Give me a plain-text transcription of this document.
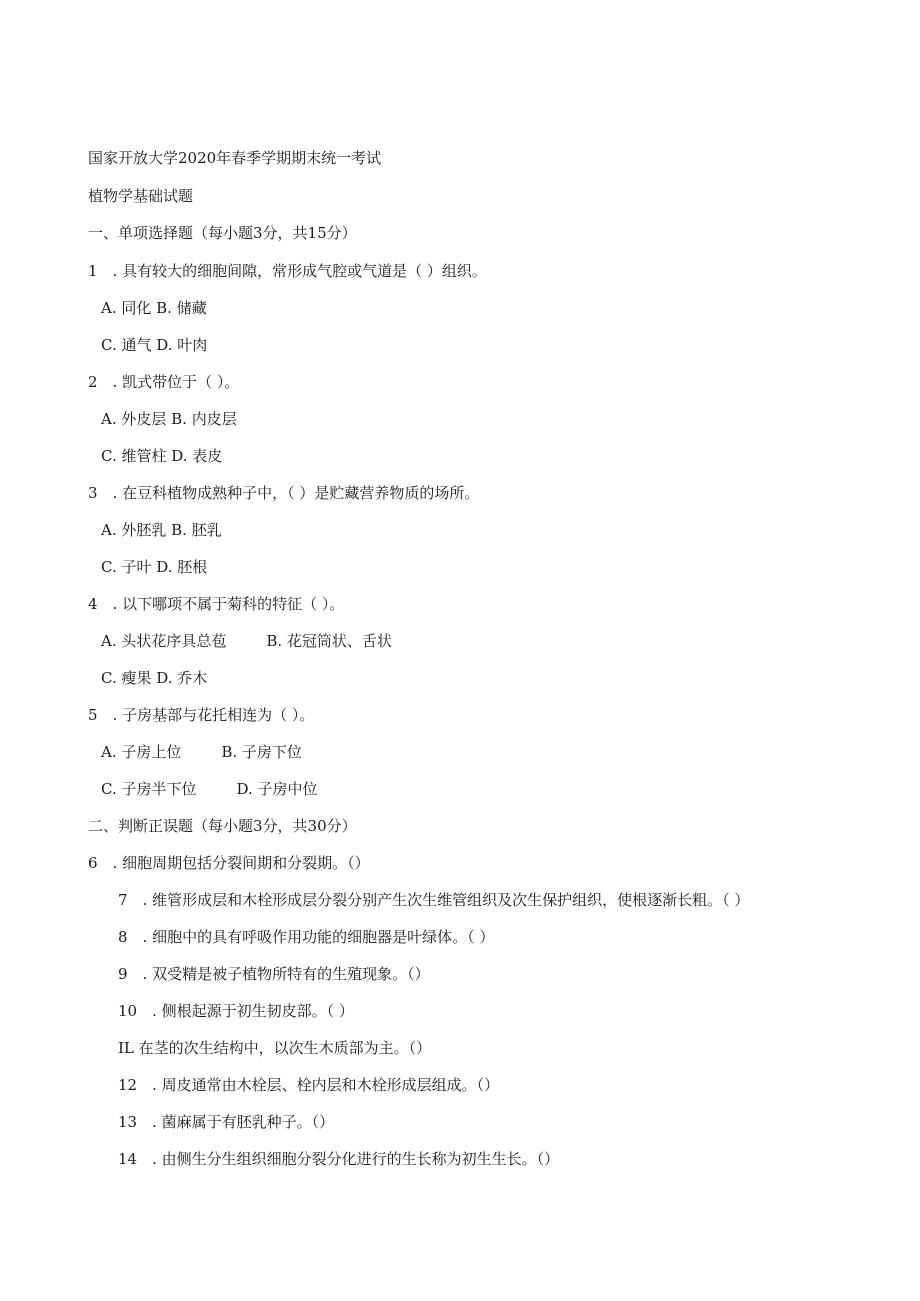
国家开放大学2020年春季学期期末统一考试
植物学基础试题
一、单项选择题（每小题3分，共15分）
1　. 具有较大的细胞间隙，常形成气腔或气道是（ ）组织。
A. 同化 B. 储藏
C. 通气 D. 叶肉
2　. 凯式带位于（ ）。
A. 外皮层 B. 内皮层
C. 维管柱 D. 表皮
3　. 在豆科植物成熟种子中，（ ）是贮藏营养物质的场所。
A. 外胚乳 B. 胚乳
C. 子叶 D. 胚根
4　. 以下哪项不属于菊科的特征（ ）。
A. 头状花序具总苞	B. 花冠筒状、舌状
C. 瘦果 D. 乔木
5　. 子房基部与花托相连为（ ）。
A. 子房上位	B. 子房下位
C. 子房半下位	D. 子房中位
二、判断正误题（每小题3分，共30分）
6　. 细胞周期包括分裂间期和分裂期。（）
7　. 维管形成层和木栓形成层分裂分别产生次生维管组织及次生保护组织，使根逐渐长粗。（ ）
8　. 细胞中的具有呼吸作用功能的细胞器是叶绿体。（ ）
9　. 双受精是被子植物所特有的生殖现象。（）
10　. 侧根起源于初生韧皮部。（ ）
IL 在茎的次生结构中，以次生木质部为主。（）
12　. 周皮通常由木栓层、栓内层和木栓形成层组成。（）
13　. 菌麻属于有胚乳种子。（）
14　. 由侧生分生组织细胞分裂分化进行的生长称为初生生长。（）
